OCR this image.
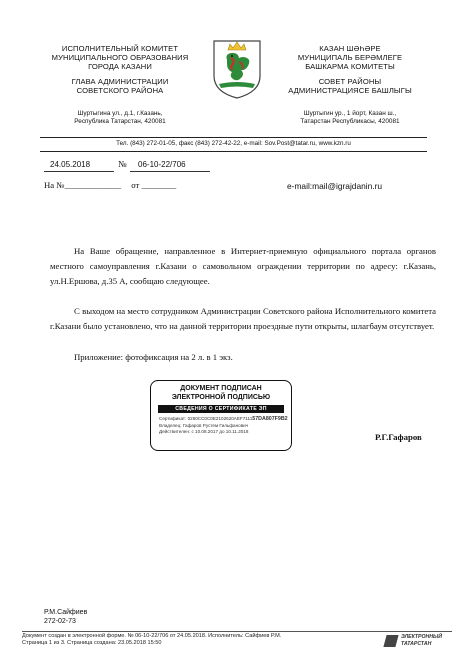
ИСПОЛНИТЕЛЬНЫЙ КОМИТЕТ
МУНИЦИПАЛЬНОГО ОБРАЗОВАНИЯ
ГОРОДА КАЗАНИ
ГЛАВА АДМИНИСТРАЦИИ
СОВЕТСКОГО РАЙОНА
Шуртыгина ул., д.1, г.Казань,
Республика Татарстан, 420081
КАЗАН ШӘҺӘРЕ
МУНИЦИПАЛЬ БЕРӘМЛЕГЕ
БАШКАРМА КОМИТЕТЫ
СОВЕТ РАЙОНЫ
АДМИНИСТРАЦИЯСЕ БАШЛЫГЫ
Шуртыгин ур., 1 йорт, Казан ш.,
Татарстан Республикасы, 420081
Тел. (843) 272-01-05, факс (843) 272-42-22, e-mail: Sov.Post@tatar.ru, www.kzn.ru
24.05.2018	№ 06-10-22/706
На №_____________ от ________	e-mail:mail@igrajdanin.ru
На Ваше обращение, направленное в Интернет-приемную официального портала органов местного самоуправления г.Казани о самовольном ограждении территории по адресу: г.Казань, ул.Н.Ершова, д.35 А, сообщаю следующее.
С выходом на место сотрудником Администрации Советского района Исполнительного комитета г.Казани было установлено, что на данной территории проездные пути открыты, шлагбаум отсутствует.
Приложение: фотофиксация на 2 л. в 1 экз.
ДОКУМЕНТ ПОДПИСАН
ЭЛЕКТРОННОЙ ПОДПИСЬЮ
СВЕДЕНИЯ О СЕРТИФИКАТЕ ЭП
Сертификат: 0250CC0C0E2102620AEF711157DA807F9B2
Владелец: Гафаров Рустем Гильфанович
Действителен: с 10.08.2017 до 10.11.2018
Р.Г.Гафаров
Р.М.Сайфиев
272-02-73
Документ создан в электронной форме. № 06-10-22/706 от 24.05.2018. Исполнитель: Сайфиев Р.М.
Страница 1 из 3. Страница создана: 23.05.2018 15:50
ЭЛЕКТРОННЫЙ
ТАТАРСТАН
